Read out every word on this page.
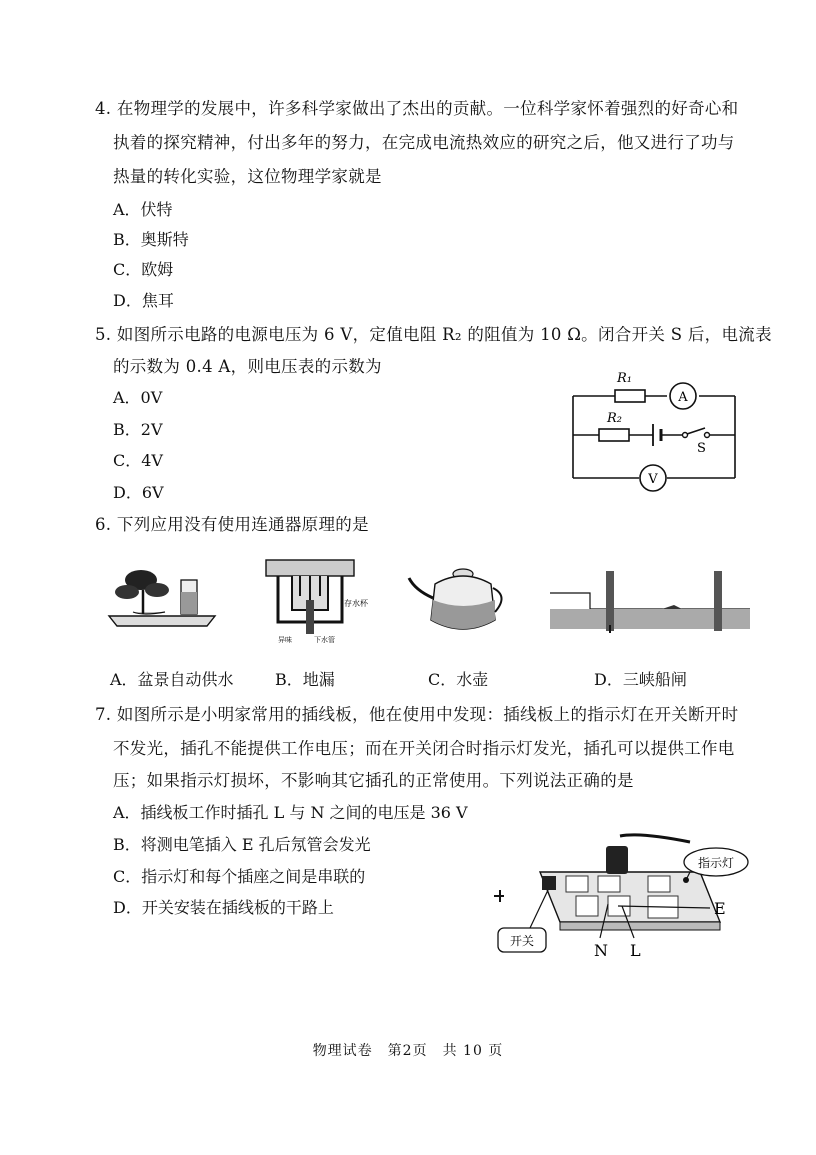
4. 在物理学的发展中，许多科学家做出了杰出的贡献。一位科学家怀着强烈的好奇心和
执着的探究精神，付出多年的努力，在完成电流热效应的研究之后，他又进行了功与
热量的转化实验，这位物理学家就是
A．伏特
B．奥斯特
C．欧姆
D．焦耳
5. 如图所示电路的电源电压为 6 V，定值电阻 R₂ 的阻值为 10 Ω。闭合开关 S 后，电流表
的示数为 0.4 A，则电压表的示数为
A．0V
B．2V
C．4V
D．6V
R₁
A
R₂
S
V
6. 下列应用没有使用连通器原理的是
存水杯
下水管
异味
A．盆景自动供水	B．地漏	C．水壶	D．三峡船闸
7. 如图所示是小明家常用的插线板，他在使用中发现：插线板上的指示灯在开关断开时
不发光，插孔不能提供工作电压；而在开关闭合时指示灯发光，插孔可以提供工作电
压；如果指示灯损坏，不影响其它插孔的正常使用。下列说法正确的是
A．插线板工作时插孔 L 与 N 之间的电压是 36 V
B．将测电笔插入 E 孔后氖管会发光
C．指示灯和每个插座之间是串联的
D．开关安装在插线板的干路上
指示灯
开关
E
N L
物理试卷　第2页　共 10 页
